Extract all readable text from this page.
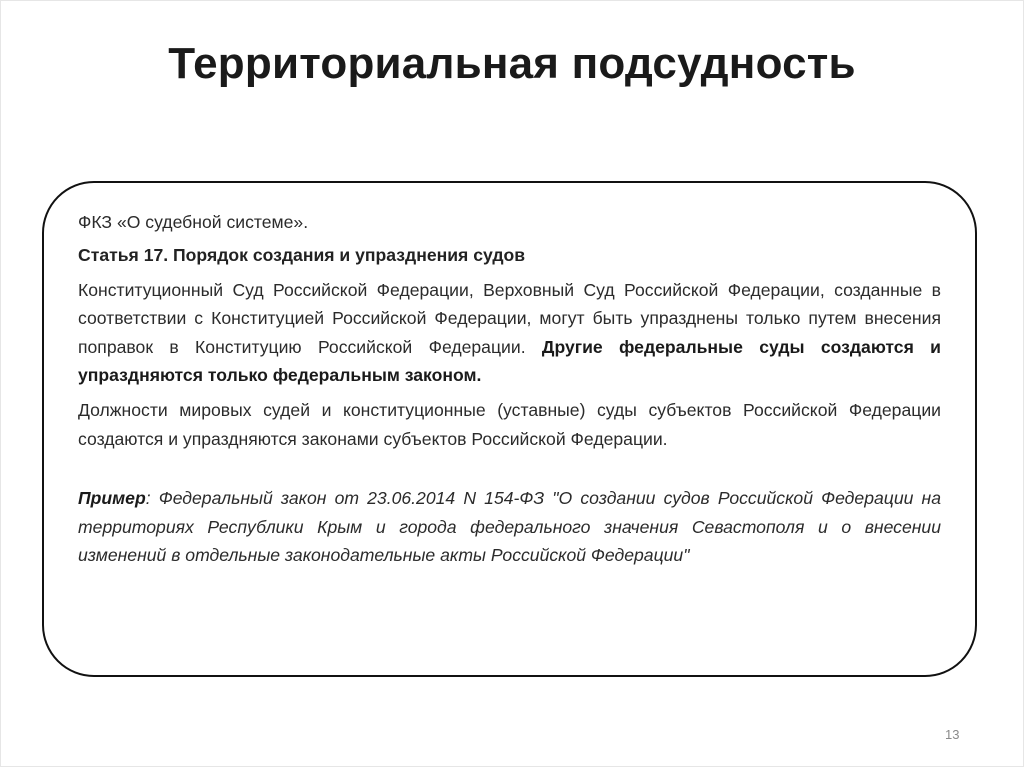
Территориальная подсудность

ФКЗ «О судебной системе».

Статья 17. Порядок создания и упразднения судов

Конституционный Суд Российской Федерации, Верховный Суд Российской Федерации, созданные в соответствии с Конституцией Российской Федерации, могут быть упразднены только путем внесения поправок в Конституцию Российской Федерации. Другие федеральные суды создаются и упраздняются только федеральным законом.

Должности мировых судей и конституционные (уставные) суды субъектов Российской Федерации создаются и упраздняются законами субъектов Российской Федерации.

Пример: Федеральный закон от 23.06.2014 N 154-ФЗ "О создании судов Российской Федерации на территориях Республики Крым и города федерального значения Севастополя и о внесении изменений в отдельные законодательные акты Российской Федерации"

13
